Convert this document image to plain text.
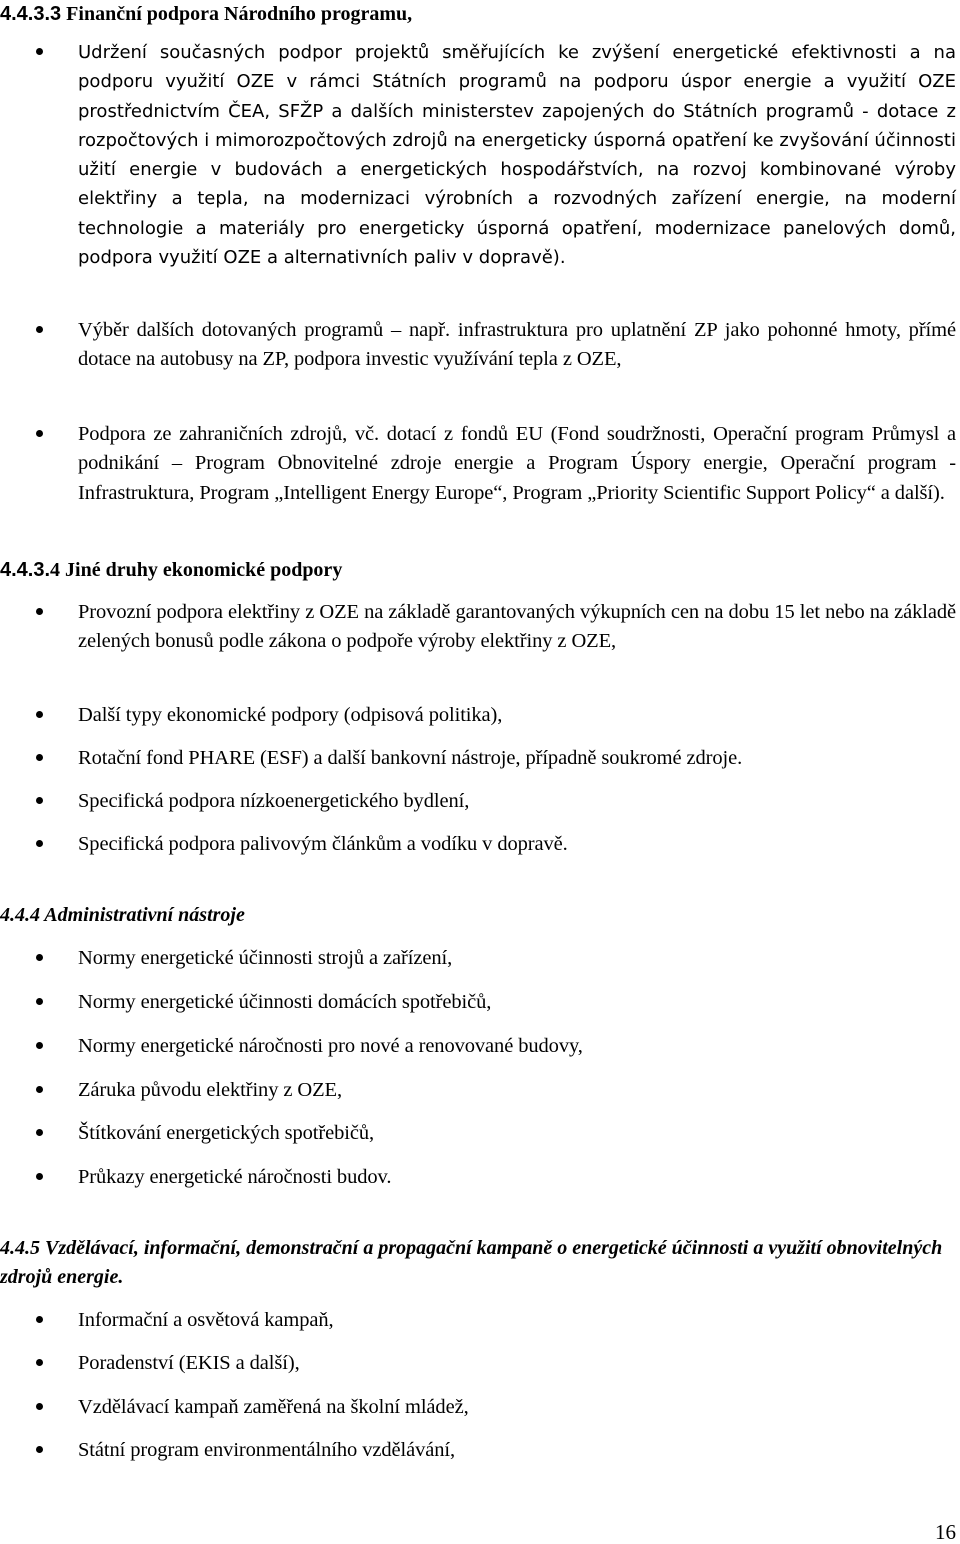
4.4.3.3 Finanční podpora Národního programu,
Udržení současných podpor projektů směřujících ke zvýšení energetické efektivnosti a na podporu využití OZE v rámci Státních programů na podporu úspor energie a využití OZE prostřednictvím ČEA, SFŽP a dalších ministerstev zapojených do Státních programů - dotace z rozpočtových i mimorozpočtových zdrojů na energeticky úsporná opatření ke zvyšování účinnosti užití energie v budovách a energetických hospodářstvích, na rozvoj kombinované výroby elektřiny a tepla, na modernizaci výrobních a rozvodných zařízení energie, na moderní technologie a materiály pro energeticky úsporná opatření, modernizace panelových domů, podpora využití OZE a alternativních paliv v dopravě).
Výběr dalších dotovaných programů – např. infrastruktura pro uplatnění ZP jako pohonné hmoty, přímé dotace na autobusy na ZP, podpora investic využívání tepla z OZE,
Podpora ze zahraničních zdrojů, vč. dotací z fondů EU (Fond soudržnosti, Operační program Průmysl a podnikání – Program Obnovitelné zdroje energie a Program Úspory energie, Operační program - Infrastruktura, Program „Intelligent Energy Europe“, Program „Priority Scientific Support Policy“ a další).
4.4.3.4 Jiné druhy ekonomické podpory
Provozní podpora elektřiny z OZE na základě garantovaných výkupních cen na dobu 15 let nebo na základě zelených bonusů podle zákona o podpoře výroby elektřiny z OZE,
Další typy ekonomické podpory (odpisová politika),
Rotační fond PHARE (ESF) a další bankovní nástroje, případně soukromé zdroje.
Specifická podpora nízkoenergetického bydlení,
Specifická podpora palivovým článkům a vodíku v dopravě.
4.4.4 Administrativní nástroje
Normy energetické účinnosti strojů a zařízení,
Normy energetické účinnosti domácích spotřebičů,
Normy energetické náročnosti pro nové a renovované budovy,
Záruka původu elektřiny z OZE,
Štítkování energetických spotřebičů,
Průkazy energetické náročnosti budov.
4.4.5 Vzdělávací, informační, demonstrační a propagační kampaně o energetické účinnosti a využití obnovitelných zdrojů energie.
Informační a osvětová kampaň,
Poradenství (EKIS a další),
Vzdělávací kampaň zaměřená na školní mládež,
Státní program environmentálního vzdělávání,
16
